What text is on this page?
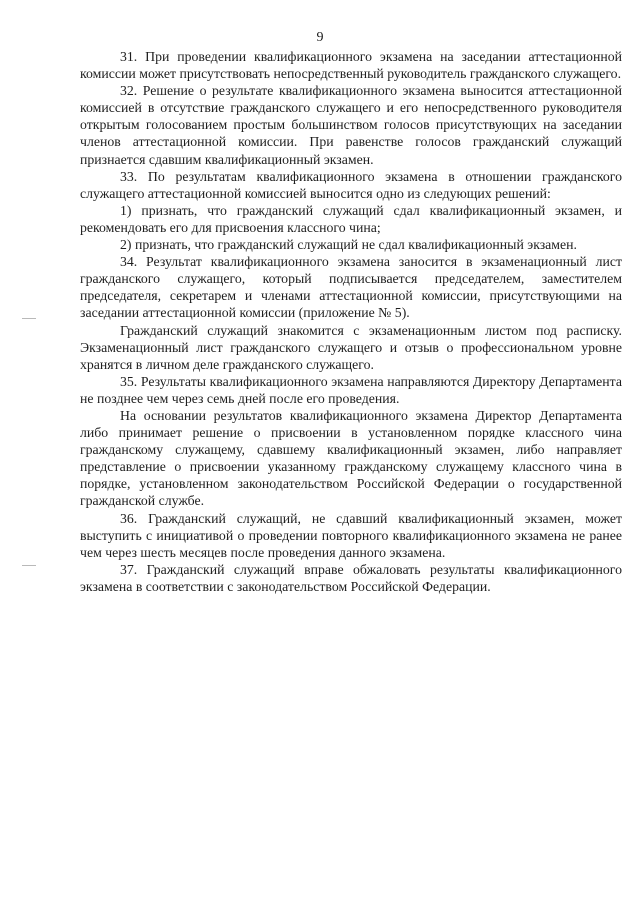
9

31. При проведении квалификационного экзамена на заседании аттестационной комиссии может присутствовать непосредственный руководитель гражданского служащего.

32. Решение о результате квалификационного экзамена выносится аттестационной комиссией в отсутствие гражданского служащего и его непосредственного руководителя открытым голосованием простым большинством голосов присутствующих на заседании членов аттестационной комиссии. При равенстве голосов гражданский служащий признается сдавшим квалификационный экзамен.

33. По результатам квалификационного экзамена в отношении гражданского служащего аттестационной комиссией выносится одно из следующих решений:

1) признать, что гражданский служащий сдал квалификационный экзамен, и рекомендовать его для присвоения классного чина;

2) признать, что гражданский служащий не сдал квалификационный экзамен.

34. Результат квалификационного экзамена заносится в экзаменационный лист гражданского служащего, который подписывается председателем, заместителем председателя, секретарем и членами аттестационной комиссии, присутствующими на заседании аттестационной комиссии (приложение № 5).

Гражданский служащий знакомится с экзаменационным листом под расписку. Экзаменационный лист гражданского служащего и отзыв о профессиональном уровне хранятся в личном деле гражданского служащего.

35. Результаты квалификационного экзамена направляются Директору Департамента не позднее чем через семь дней после его проведения.

На основании результатов квалификационного экзамена Директор Департамента либо принимает решение о присвоении в установленном порядке классного чина гражданскому служащему, сдавшему квалификационный экзамен, либо направляет представление о присвоении указанному гражданскому служащему классного чина в порядке, установленном законодательством Российской Федерации о государственной гражданской службе.

36. Гражданский служащий, не сдавший квалификационный экзамен, может выступить с инициативой о проведении повторного квалификационного экзамена не ранее чем через шесть месяцев после проведения данного экзамена.

37. Гражданский служащий вправе обжаловать результаты квалификационного экзамена в соответствии с законодательством Российской Федерации.
